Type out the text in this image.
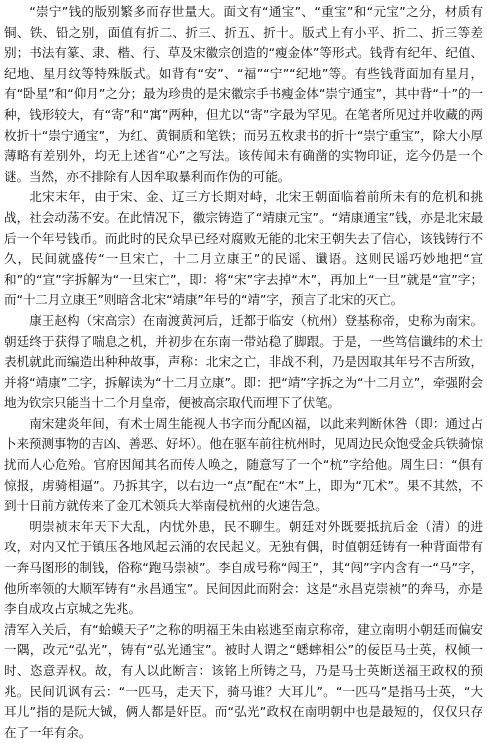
“崇宁”钱的版别繁多而存世量大。面文有“通宝”、“重宝”和“元宝”之分，材质有铜、铁、铅之别，面值有折二、折三、折五、折十。版式上有小平、折二、折三等差别；书法有篆、隶、楷、行、草及宋徽宗创造的“瘦金体”等形式。钱背有纪年、纪值、纪地、星月纹等特殊版式。如背有“安”、“福”“宁”“纪地”等。有些钱背面加有星月，有“卧星”和“仰月”之分；最为珍贵的是宋徽宗手书瘦金体“崇宁通宝”，其中背“十”的一种，钱形较大，有“寄”和“寓”两种，但尤以“寄”字最为罕见。在笔者所见过并收藏的两枚折十“崇宁通宝”，为红、黄铜质和笔铁；而另五枚隶书的折十“崇宁重宝”，除大小厚薄略有差别外，均无上述省“心”之写法。该传闻未有确凿的实物印证，迄今仍是一个谜。当然，亦不排除有人因牟取暴利而作伪的可能。

北宋末年，由于宋、金、辽三方长期对峙，北宋王朝面临着前所未有的危机和挑战，社会动荡不安。在此情况下，徽宗铸造了“靖康元宝”。“靖康通宝”钱，亦是北宋最后一个年号钱币。而此时的民众早已经对腐败无能的北宋王朝失去了信心，该钱铸行不久，民间就盛传“一旦宋亡，十二月立康王”的民谣、谶语。这则民谣巧妙地把“宣和”的“宣”字拆解为“一旦宋亡”，即：将“宋”字去掉“木”，再加上“一旦”就是“宣”字；而“十二月立康王”则暗含北宋“靖康”年号的“靖”字，预言了北宋的灭亡。

康王赵构（宋高宗）在南渡黄河后，迁都于临安（杭州）登基称帝，史称为南宋。朝廷终于获得了喘息之机，并初步在东南一带站稳了脚跟。于是，一些笃信谶纬的术士表机就此而编造出种种故事，声称：北宋之亡，非战不利，乃是因取其年号不吉所致，并将“靖康”二字，拆解读为“十二月立康”。即：把“靖”字拆之为“十二月立”，牵强附会地为钦宗只能当十二个月皇帝，便被高宗取代而埋下了伏笔。

南宋建炎年间，有术士周生能视人书字而分配凶福，以此来判断休咎（即：通过占卜来预测事物的吉凶、善恶、好坏）。他在驱车前往杭州时，见周边民众饱受金兵铁骑惊扰而人心危殆。官府因闻其名而传人唤之，随意写了一个“杭”字给他。周生曰：“俱有惊报，虏骑相逼”。乃拆其字，以右边一“点”配在“木”上，即为“兀术”。果不其然，不到十日前方就传来了金兀术领兵大举南侵杭州的火速告急。

明崇祯末年天下大乱，内忧外患，民不聊生。朝廷对外既要抵抗后金（清）的进攻，对内又忙于镇压各地风起云涌的农民起义。无独有偶，时值朝廷铸有一种背面带有一奔马图形的制钱，俗称“跑马崇祯”。李自成号称“闯王”，其“闯”字内含有一“马”字，他所率领的大顺军铸有“永昌通宝”。民间因此而附会：这是“永昌克崇祯”的奔马，亦是李自成攻占京城之先兆。

清军入关后，有“蛤蟆天子”之称的明福王朱由崧逃至南京称帝，建立南明小朝廷而偏安一隅，改元“弘光”，铸有“弘光通宝”。被时人谓之“蟋蟀相公”的佞臣马士英，权倾一时、恣意弄权。故，有人以此断言：该铭上所铸之马，乃是马士英断送福王政权的预兆。民间讥讽有云：“一匹马，走天下，骑马谁？大耳儿”。“一匹马”是指马士英，“大耳儿”指的是阮大铖，俩人都是奸臣。而“弘光”政权在南明朝中也是最短的，仅仅只存在了一年有余。
